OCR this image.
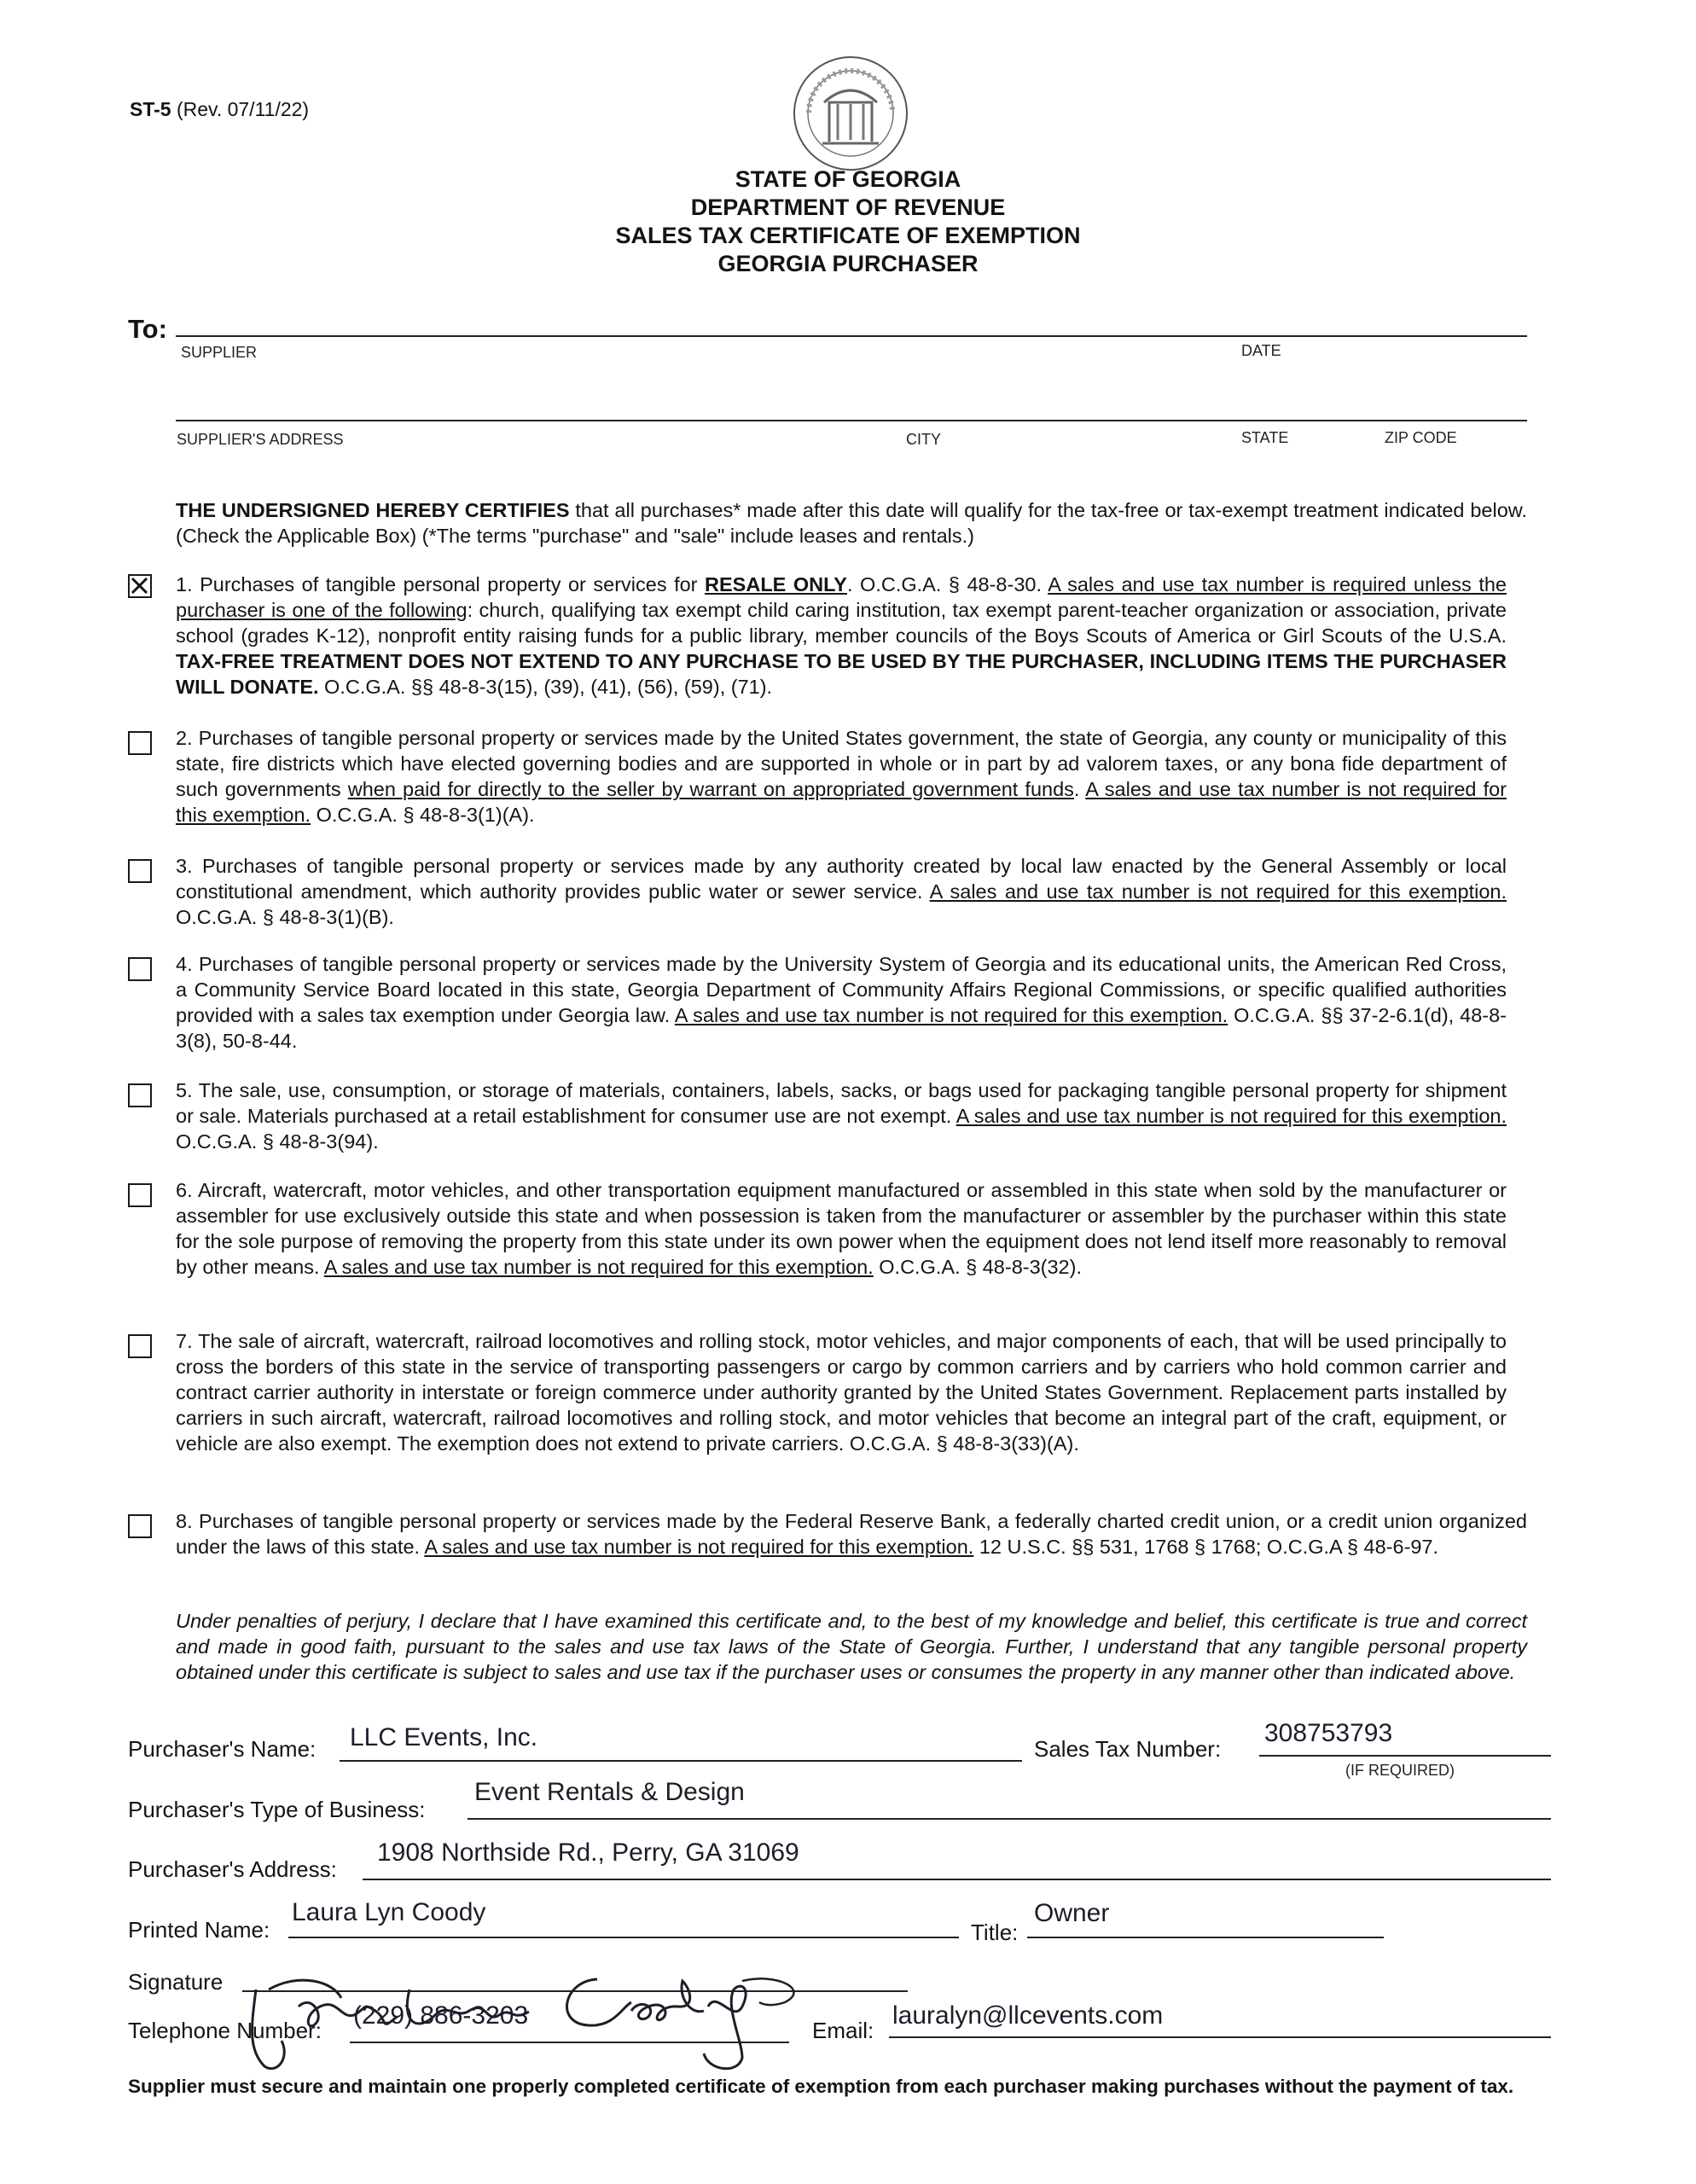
ST-5 (Rev. 07/11/22)
STATE OF GEORGIA
DEPARTMENT OF REVENUE
SALES TAX CERTIFICATE OF EXEMPTION
GEORGIA PURCHASER
To:
SUPPLIER	DATE
SUPPLIER'S ADDRESS	CITY	STATE	ZIP CODE
THE UNDERSIGNED HEREBY CERTIFIES that all purchases* made after this date will qualify for the tax-free or tax-exempt treatment indicated below. (Check the Applicable Box) (*The terms "purchase" and "sale" include leases and rentals.)
1. Purchases of tangible personal property or services for RESALE ONLY. O.C.G.A. § 48-8-30. A sales and use tax number is required unless the purchaser is one of the following: church, qualifying tax exempt child caring institution, tax exempt parent-teacher organization or association, private school (grades K-12), nonprofit entity raising funds for a public library, member councils of the Boys Scouts of America or Girl Scouts of the U.S.A. TAX-FREE TREATMENT DOES NOT EXTEND TO ANY PURCHASE TO BE USED BY THE PURCHASER, INCLUDING ITEMS THE PURCHASER WILL DONATE. O.C.G.A. §§ 48-8-3(15), (39), (41), (56), (59), (71).
2. Purchases of tangible personal property or services made by the United States government, the state of Georgia, any county or municipality of this state, fire districts which have elected governing bodies and are supported in whole or in part by ad valorem taxes, or any bona fide department of such governments when paid for directly to the seller by warrant on appropriated government funds. A sales and use tax number is not required for this exemption. O.C.G.A. § 48-8-3(1)(A).
3. Purchases of tangible personal property or services made by any authority created by local law enacted by the General Assembly or local constitutional amendment, which authority provides public water or sewer service. A sales and use tax number is not required for this exemption. O.C.G.A. § 48-8-3(1)(B).
4. Purchases of tangible personal property or services made by the University System of Georgia and its educational units, the American Red Cross, a Community Service Board located in this state, Georgia Department of Community Affairs Regional Commissions, or specific qualified authorities provided with a sales tax exemption under Georgia law. A sales and use tax number is not required for this exemption. O.C.G.A. §§ 37-2-6.1(d), 48-8-3(8), 50-8-44.
5. The sale, use, consumption, or storage of materials, containers, labels, sacks, or bags used for packaging tangible personal property for shipment or sale. Materials purchased at a retail establishment for consumer use are not exempt. A sales and use tax number is not required for this exemption. O.C.G.A. § 48-8-3(94).
6. Aircraft, watercraft, motor vehicles, and other transportation equipment manufactured or assembled in this state when sold by the manufacturer or assembler for use exclusively outside this state and when possession is taken from the manufacturer or assembler by the purchaser within this state for the sole purpose of removing the property from this state under its own power when the equipment does not lend itself more reasonably to removal by other means. A sales and use tax number is not required for this exemption. O.C.G.A. § 48-8-3(32).
7. The sale of aircraft, watercraft, railroad locomotives and rolling stock, motor vehicles, and major components of each, that will be used principally to cross the borders of this state in the service of transporting passengers or cargo by common carriers and by carriers who hold common carrier and contract carrier authority in interstate or foreign commerce under authority granted by the United States Government. Replacement parts installed by carriers in such aircraft, watercraft, railroad locomotives and rolling stock, and motor vehicles that become an integral part of the craft, equipment, or vehicle are also exempt. The exemption does not extend to private carriers. O.C.G.A. § 48-8-3(33)(A).
8. Purchases of tangible personal property or services made by the Federal Reserve Bank, a federally charted credit union, or a credit union organized under the laws of this state. A sales and use tax number is not required for this exemption. 12 U.S.C. §§ 531, 1768 § 1768; O.C.G.A § 48-6-97.
Under penalties of perjury, I declare that I have examined this certificate and, to the best of my knowledge and belief, this certificate is true and correct and made in good faith, pursuant to the sales and use tax laws of the State of Georgia. Further, I understand that any tangible personal property obtained under this certificate is subject to sales and use tax if the purchaser uses or consumes the property in any manner other than indicated above.
Purchaser's Name: LLC Events, Inc.	Sales Tax Number:
308753793
(IF REQUIRED)
Purchaser's Type of Business:
Event Rentals & Design
Purchaser's Address:
1908 Northside Rd., Perry, GA 31069
Printed Name:
Laura Lyn Coody
Title:
Owner
Signature
Telephone Number:
(229) 886-3203
Email:
lauralyn@llcevents.com
Supplier must secure and maintain one properly completed certificate of exemption from each purchaser making purchases without the payment of tax.
